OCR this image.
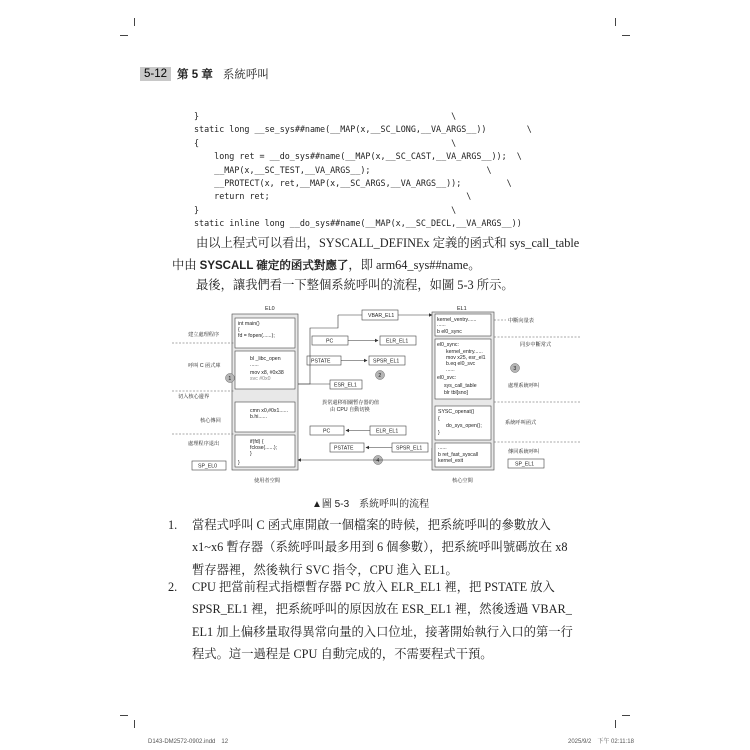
5-12 第 5 章 系統呼叫
}                                                  \
static long __se_sys##name(__MAP(x,__SC_LONG,__VA_ARGS__))        \
{                                                  \
long ret = __do_sys##name(__MAP(x,__SC_CAST,__VA_ARGS__));  \
__MAP(x,__SC_TEST,__VA_ARGS__);                       \
__PROTECT(x, ret,__MAP(x,__SC_ARGS,__VA_ARGS__));         \
return ret;                                       \
}                                                  \
static inline long __do_sys##name(__MAP(x,__SC_DECL,__VA_ARGS__))
由以上程式可以看出，SYSCALL_DEFINEx 定義的函式和 sys_call_table
中由 SYSCALL 確定的函式對應了，即 arm64_sys##name。
最後，讓我們看一下整個系統呼叫的流程，如圖 5-3 所示。
EL0	EL1
int main()
{
fd = fopen(......);
bl _libc_open
......
mov x8, #0x38
svc #0x0
cmn x0,#0x1......
b.hi......
if(fd) {
fclose(......);
}
}
建立處理程序
呼叫 C 函式庫
切入核心邊界
核心傳回
處理程序退出
SP_EL0
1
使用者空間
VBAR_EL1
PC	ELR_EL1
PSTATE	SPSR_EL1
2
ESR_EL1
異常還移相關暫存器的值
由 CPU 自動切換
PC	ELR_EL1
PSTATE	SPSR_EL1
4
kernel_ventry......
......
b el0_sync
el0_sync:
kernel_entry......
mov x25, esr_el1
b.eq el0_svc
......
el0_svc:
sys_call_table
blr tbl[sno]
SYSC_openat()
{
do_sys_open();
}
......
b ret_fast_syscall
kernel_exit
3
中斷向量表
同步中斷常式
處理系統呼叫
系統呼叫函式
傳回系統呼叫
SP_EL1
核心空間
▲圖 5-3　系統呼叫的流程
1.	當程式呼叫 C 函式庫開啟一個檔案的時候，把系統呼叫的參數放入
x1~x6 暫存器（系統呼叫最多用到 6 個參數），把系統呼叫號碼放在 x8
暫存器裡，然後執行 SVC 指令，CPU 進入 EL1。
2.	CPU 把當前程式指標暫存器 PC 放入 ELR_EL1 裡，把 PSTATE 放入
SPSR_EL1 裡，把系統呼叫的原因放在 ESR_EL1 裡，然後透過 VBAR_
EL1 加上偏移量取得異常向量的入口位址，接著開始執行入口的第一行
程式。這一過程是 CPU 自動完成的，不需要程式干預。
D143-DM2572-0902.indd　12	2025/9/2　下午 02:11:18
